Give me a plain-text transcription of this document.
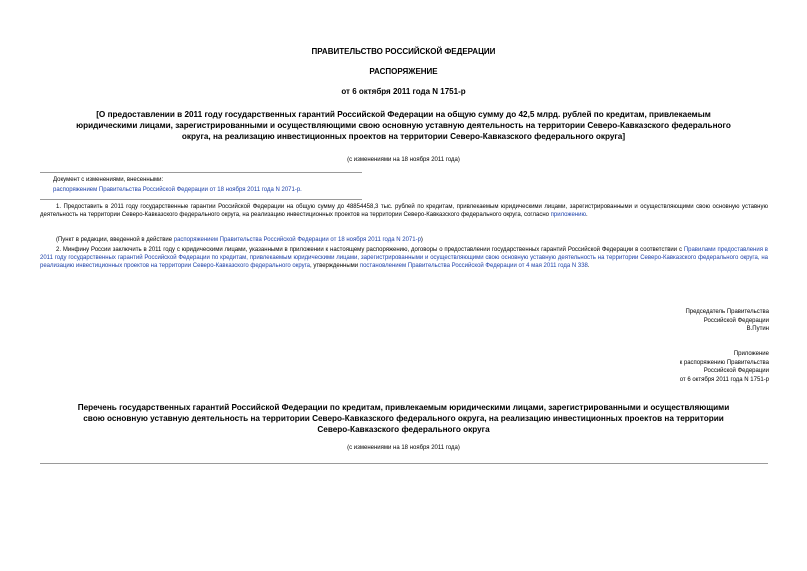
ПРАВИТЕЛЬСТВО РОССИЙСКОЙ ФЕДЕРАЦИИ
РАСПОРЯЖЕНИЕ
от 6 октября 2011 года N 1751-р
[О предоставлении в 2011 году государственных гарантий Российской Федерации на общую сумму до 42,5 млрд. рублей по кредитам, привлекаемым
юридическими лицами, зарегистрированными и осуществляющими свою основную уставную деятельность на территории Северо-Кавказского федерального
округа, на реализацию инвестиционных проектов на территории Северо-Кавказского федерального округа]
(с изменениями на 18 ноября 2011 года)
Документ с изменениями, внесенными:
распоряжением Правительства Российской Федерации от 18 ноября 2011 года N 2071-р.
1. Предоставить в 2011 году государственные гарантии Российской Федерации на общую сумму до 48854458,3 тыс. рублей по кредитам, привлекаемым юридическими лицами, зарегистрированными и осуществляющими свою основную уставную деятельность на территории Северо-Кавказского федерального округа, на реализацию инвестиционных проектов на территории Северо-Кавказского федерального округа, согласно приложению.
(Пункт в редакции, введенной в действие распоряжением Правительства Российской Федерации от 18 ноября 2011 года N 2071-р)
2. Минфину России заключить в 2011 году с юридическими лицами, указанными в приложении к настоящему распоряжению, договоры о предоставлении государственных гарантий Российской Федерации в соответствии с Правилами предоставления в 2011 году государственных гарантий Российской Федерации по кредитам, привлекаемым юридическими лицами, зарегистрированными и осуществляющими свою основную уставную деятельность на территории Северо-Кавказского федерального округа, на реализацию инвестиционных проектов на территории Северо-Кавказского федерального округа, утвержденными постановлением Правительства Российской Федерации от 4 мая 2011 года N 338.
Председатель Правительства
Российской Федерации
В.Путин
Приложение
к распоряжению Правительства
Российской Федерации
от 6 октября 2011 года N 1751-р
Перечень государственных гарантий Российской Федерации по кредитам, привлекаемым юридическими лицами, зарегистрированными и осуществляющими
свою основную уставную деятельность на территории Северо-Кавказского федерального округа, на реализацию инвестиционных проектов на территории
Северо-Кавказского федерального округа
(с изменениями на 18 ноября 2011 года)
